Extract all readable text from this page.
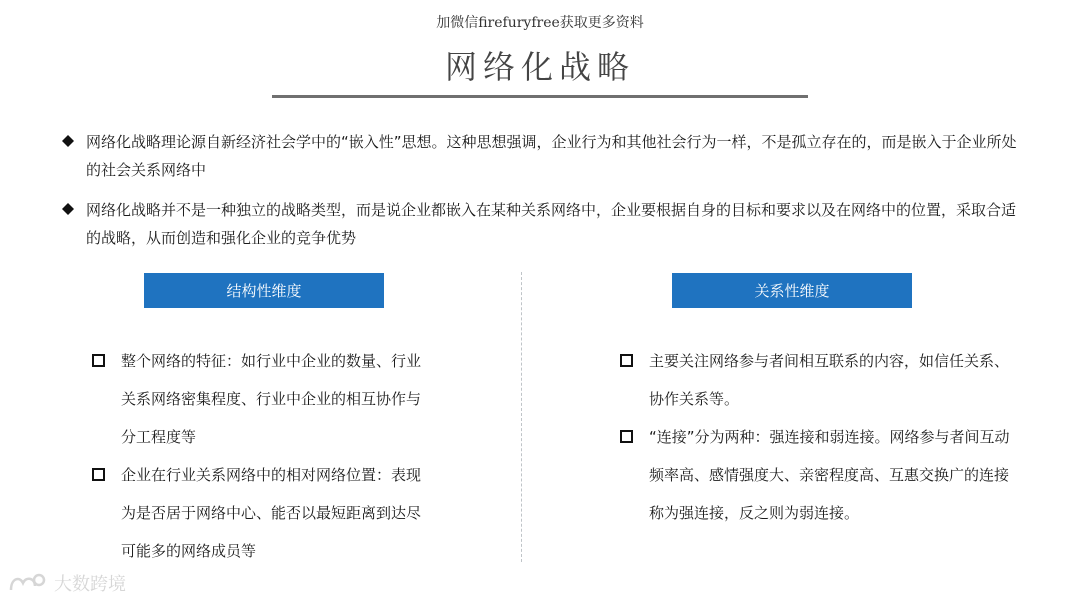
加微信firefuryfree获取更多资料
网络化战略
网络化战略理论源自新经济社会学中的“嵌入性”思想。这种思想强调，企业行为和其他社会行为一样，不是孤立存在的，而是嵌入于企业所处的社会关系网络中
网络化战略并不是一种独立的战略类型，而是说企业都嵌入在某种关系网络中，企业要根据自身的目标和要求以及在网络中的位置，采取合适的战略，从而创造和强化企业的竞争优势
结构性维度	关系性维度
整个网络的特征：如行业中企业的数量、行业关系网络密集程度、行业中企业的相互协作与分工程度等
企业在行业关系网络中的相对网络位置：表现为是否居于网络中心、能否以最短距离到达尽可能多的网络成员等
主要关注网络参与者间相互联系的内容，如信任关系、协作关系等。
“连接”分为两种：强连接和弱连接。网络参与者间互动频率高、感情强度大、亲密程度高、互惠交换广的连接称为强连接，反之则为弱连接。
大数跨境
